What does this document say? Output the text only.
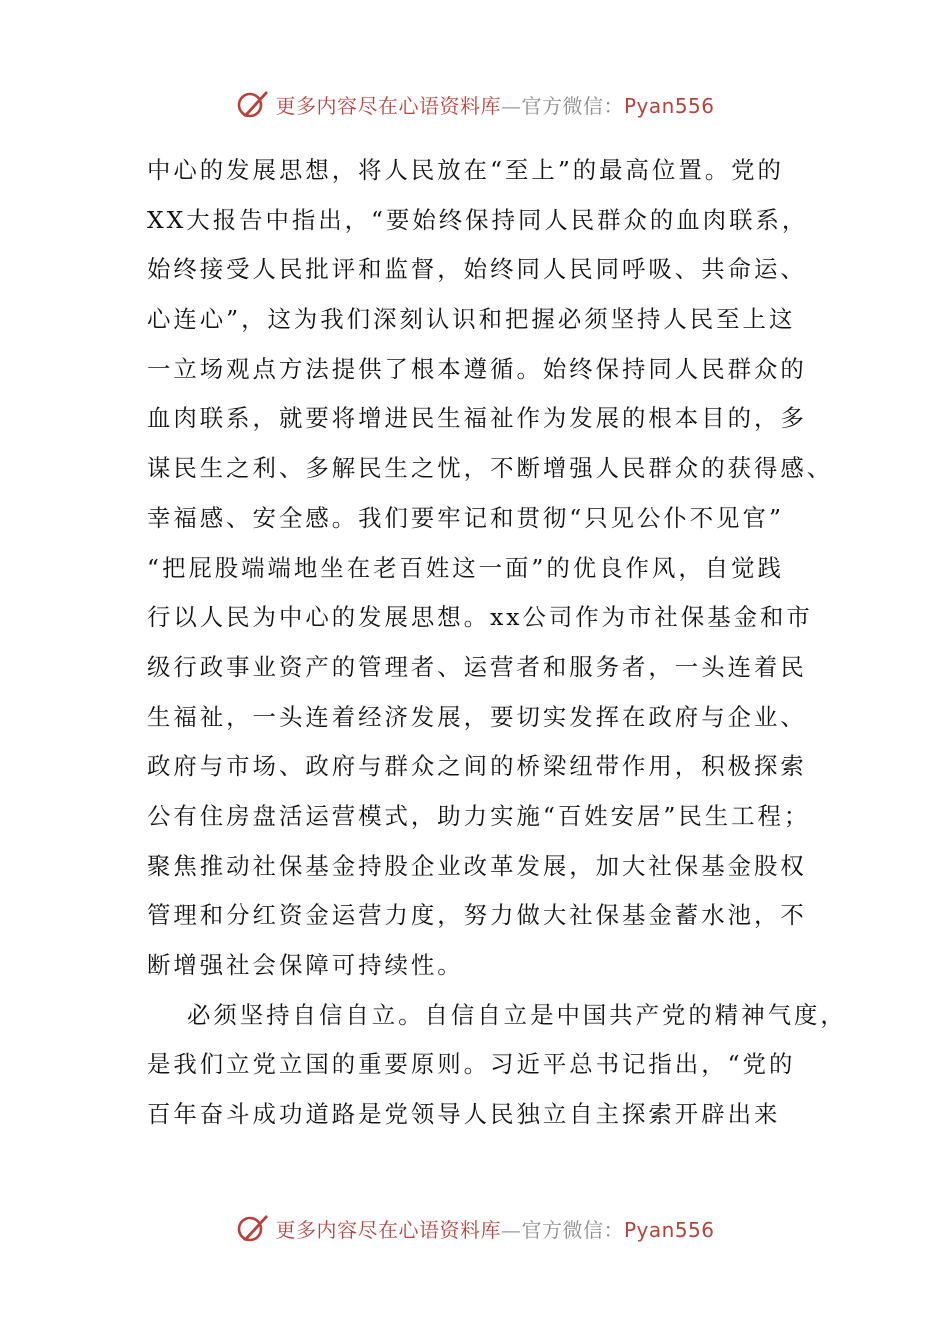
更多内容尽在心语资料库—官方微信：Pyan556

中心的发展思想，将人民放在“至上”的最高位置。党的

XX大报告中指出，“要始终保持同人民群众的血肉联系，

始终接受人民批评和监督，始终同人民同呼吸、共命运、

心连心”，这为我们深刻认识和把握必须坚持人民至上这

一立场观点方法提供了根本遵循。始终保持同人民群众的

血肉联系，就要将增进民生福祉作为发展的根本目的，多

谋民生之利、多解民生之忧，不断增强人民群众的获得感、

幸福感、安全感。我们要牢记和贯彻“只见公仆不见官”

“把屁股端端地坐在老百姓这一面”的优良作风，自觉践

行以人民为中心的发展思想。xx公司作为市社保基金和市

级行政事业资产的管理者、运营者和服务者，一头连着民

生福祉，一头连着经济发展，要切实发挥在政府与企业、

政府与市场、政府与群众之间的桥梁纽带作用，积极探索

公有住房盘活运营模式，助力实施“百姓安居”民生工程；

聚焦推动社保基金持股企业改革发展，加大社保基金股权

管理和分红资金运营力度，努力做大社保基金蓄水池，不

断增强社会保障可持续性。

必须坚持自信自立。自信自立是中国共产党的精神气度，

是我们立党立国的重要原则。习近平总书记指出，“党的

百年奋斗成功道路是党领导人民独立自主探索开辟出来

更多内容尽在心语资料库—官方微信：Pyan556
